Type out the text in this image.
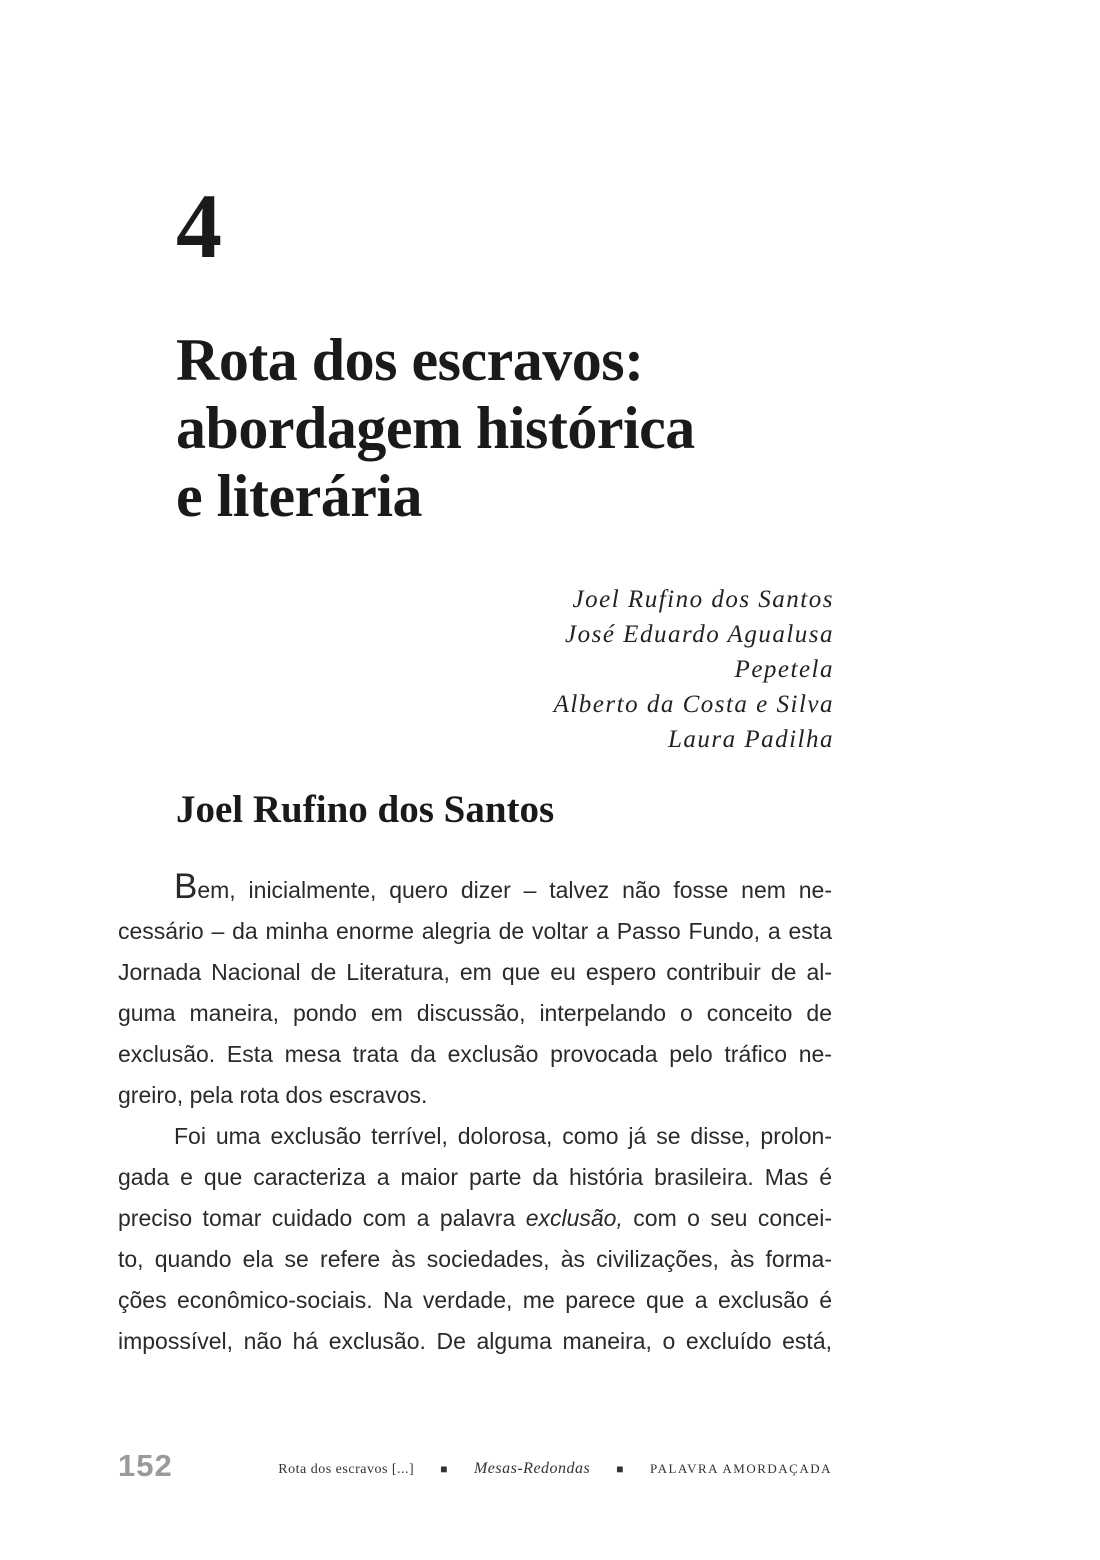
4
Rota dos escravos:
abordagem histórica
e literária
Joel Rufino dos Santos
José Eduardo Agualusa
Pepetela
Alberto da Costa e Silva
Laura Padilha
Joel Rufino dos Santos
Bem, inicialmente, quero dizer – talvez não fosse nem ne-
cessário – da minha enorme alegria de voltar a Passo Fundo, a esta
Jornada Nacional de Literatura, em que eu espero contribuir de al-
guma maneira, pondo em discussão, interpelando o conceito de
exclusão. Esta mesa trata da exclusão provocada pelo tráfico ne-
greiro, pela rota dos escravos.
Foi uma exclusão terrível, dolorosa, como já se disse, prolon-
gada e que caracteriza a maior parte da história brasileira. Mas é
preciso tomar cuidado com a palavra exclusão, com o seu concei-
to, quando ela se refere às sociedades, às civilizações, às forma-
ções econômico-sociais. Na verdade, me parece que a exclusão é
impossível, não há exclusão. De alguma maneira, o excluído está,
152	Rota dos escravos [...] ■ Mesas-Redondas ■ PALAVRA AMORDAÇADA
